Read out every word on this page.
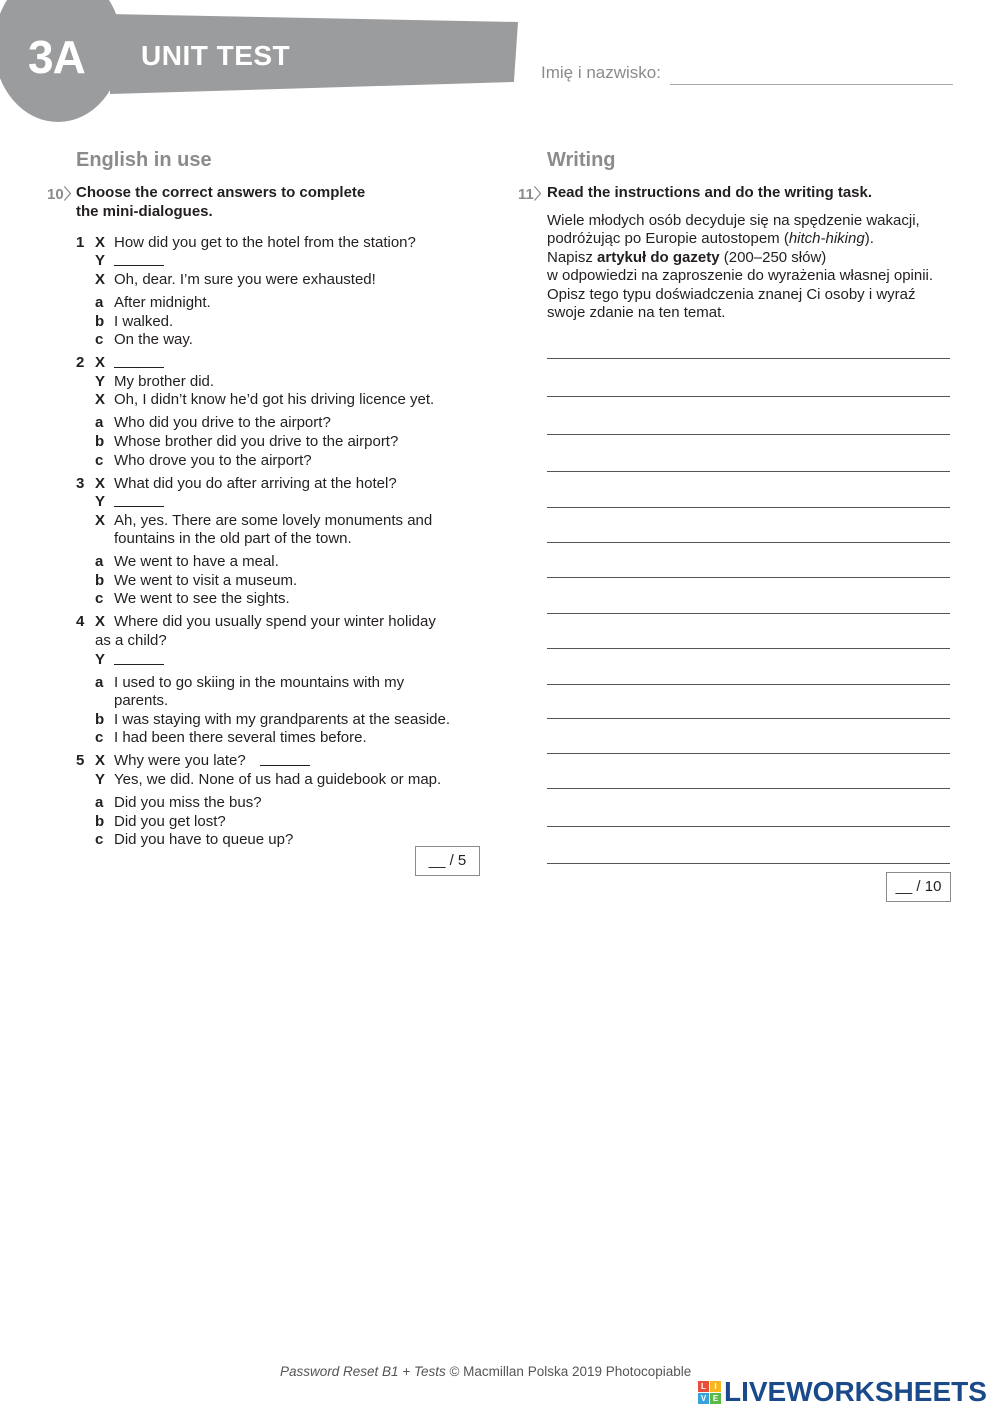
3A UNIT TEST
Imię i nazwisko:
English in use
10〉
Choose the correct answers to complete
the mini-dialogues.
1 X How did you get to the hotel from the station?
Y
X Oh, dear. I’m sure you were exhausted!
a After midnight.
b I walked.
c On the way.
2 X
Y My brother did.
X Oh, I didn’t know he’d got his driving licence yet.
a Who did you drive to the airport?
b Whose brother did you drive to the airport?
c Who drove you to the airport?
3 X What did you do after arriving at the hotel?
Y
X Ah, yes. There are some lovely monuments and
fountains in the old part of the town.
a We went to have a meal.
b We went to visit a museum.
c We went to see the sights.
4 X Where did you usually spend your winter holiday
as a child?
Y
a I used to go skiing in the mountains with my
parents.
b I was staying with my grandparents at the seaside.
c I had been there several times before.
5 X Why were you late?
Y Yes, we did. None of us had a guidebook or map.
a Did you miss the bus?
b Did you get lost?
c Did you have to queue up?
__ / 5
Writing
11〉
Read the instructions and do the writing task.
Wiele młodych osób decyduje się na spędzenie wakacji, podróżując po Europie autostopem (hitch-hiking).
Napisz artykuł do gazety (200–250 słów)
w odpowiedzi na zaproszenie do wyrażenia własnej opinii. Opisz tego typu doświadczenia znanej Ci osoby i wyraź swoje zdanie na ten temat.
__ / 10
Password Reset B1 + Tests © Macmillan Polska 2019 Photocopiable
L	I
V E LIVEWORKSHEETS
